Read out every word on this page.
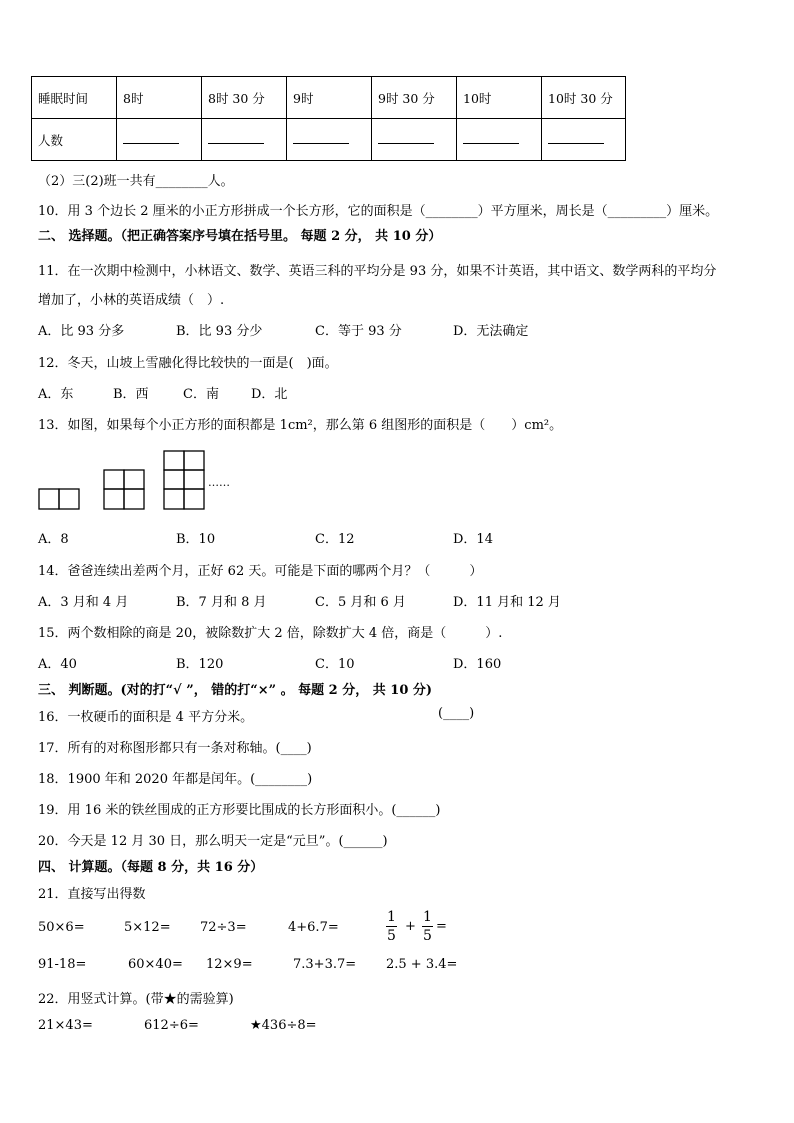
睡眠时间	8时	8时 30 分	9时	9时 30 分	10时	10时 30 分
人数						
（2）三(2)班一共有________人。
10．用 3 个边长 2 厘米的小正方形拼成一个长方形，它的面积是（________）平方厘米，周长是（_________）厘米。
二、 选择题。（把正确答案序号填在括号里。 每题 2 分， 共 10 分）
11．在一次期中检测中，小林语文、数学、英语三科的平均分是 93 分，如果不计英语，其中语文、数学两科的平均分
增加了，小林的英语成绩（　）.
A．比 93 分多	B．比 93 分少	C．等于 93 分	D．无法确定
12．冬天，山坡上雪融化得比较快的一面是(　)面。
A．东	B．西	C．南 D．北
13．如图，如果每个小正方形的面积都是 1cm²，那么第 6 组图形的面积是（　　）cm²。
……
A．8	B．10	C．12	D．14
14．爸爸连续出差两个月，正好 62 天。可能是下面的哪两个月？（　　　）
A．3 月和 4 月	B．7 月和 8 月	C．5 月和 6 月	D．11 月和 12 月
15．两个数相除的商是 20，被除数扩大 2 倍，除数扩大 4 倍，商是（　　　）.
A．40	B．120	C．10	D．160
三、 判断题。(对的打“√ ”， 错的打“×” 。 每题 2 分， 共 10 分)
16．一枚硬币的面积是 4 平方分米。	(____)
17．所有的对称图形都只有一条对称轴。(____)
18．1900 年和 2020 年都是闰年。(________)
19．用 16 米的铁丝围成的正方形要比围成的长方形面积小。(______)
20．今天是 12 月 30 日，那么明天一定是“元旦”。(______)
四、 计算题。（每题 8 分，共 16 分）
21．直接写出得数
50×6=	5×12= 72÷3=	4+6.7=	$\frac{1}{5} + \frac{1}{5}$ =
91-18=	60×40= 12×9=	7.3+3.7= 2.5 + 3.4=
22．用竖式计算。(带★的需验算)
21×43=	612÷6=	★436÷8=
